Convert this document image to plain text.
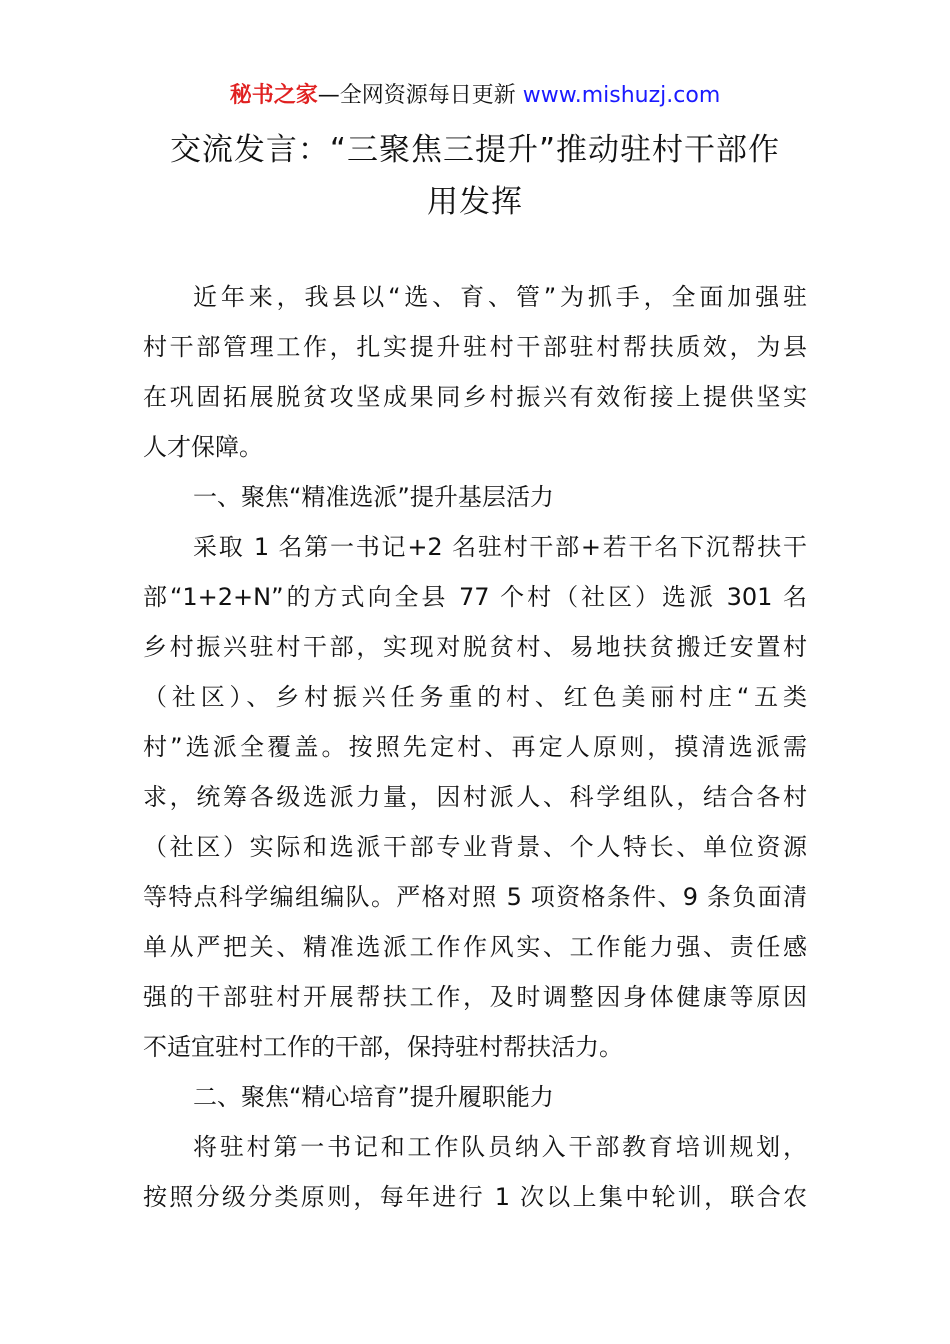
秘书之家—全网资源每日更新 www.mishuzj.com
交流发言：“三聚焦三提升”推动驻村干部作
用发挥
近年来，我县以“选、育、管”为抓手，全面加强驻
村干部管理工作，扎实提升驻村干部驻村帮扶质效，为县
在巩固拓展脱贫攻坚成果同乡村振兴有效衔接上提供坚实
人才保障。
一、聚焦“精准选派”提升基层活力
采取 1 名第一书记+2 名驻村干部+若干名下沉帮扶干
部“1+2+N”的方式向全县 77 个村（社区）选派 301 名
乡村振兴驻村干部，实现对脱贫村、易地扶贫搬迁安置村
（社区）、乡村振兴任务重的村、红色美丽村庄“五类
村”选派全覆盖。按照先定村、再定人原则，摸清选派需
求，统筹各级选派力量，因村派人、科学组队，结合各村
（社区）实际和选派干部专业背景、个人特长、单位资源
等特点科学编组编队。严格对照 5 项资格条件、9 条负面清
单从严把关、精准选派工作作风实、工作能力强、责任感
强的干部驻村开展帮扶工作，及时调整因身体健康等原因
不适宜驻村工作的干部，保持驻村帮扶活力。
二、聚焦“精心培育”提升履职能力
将驻村第一书记和工作队员纳入干部教育培训规划，
按照分级分类原则，每年进行 1 次以上集中轮训，联合农
